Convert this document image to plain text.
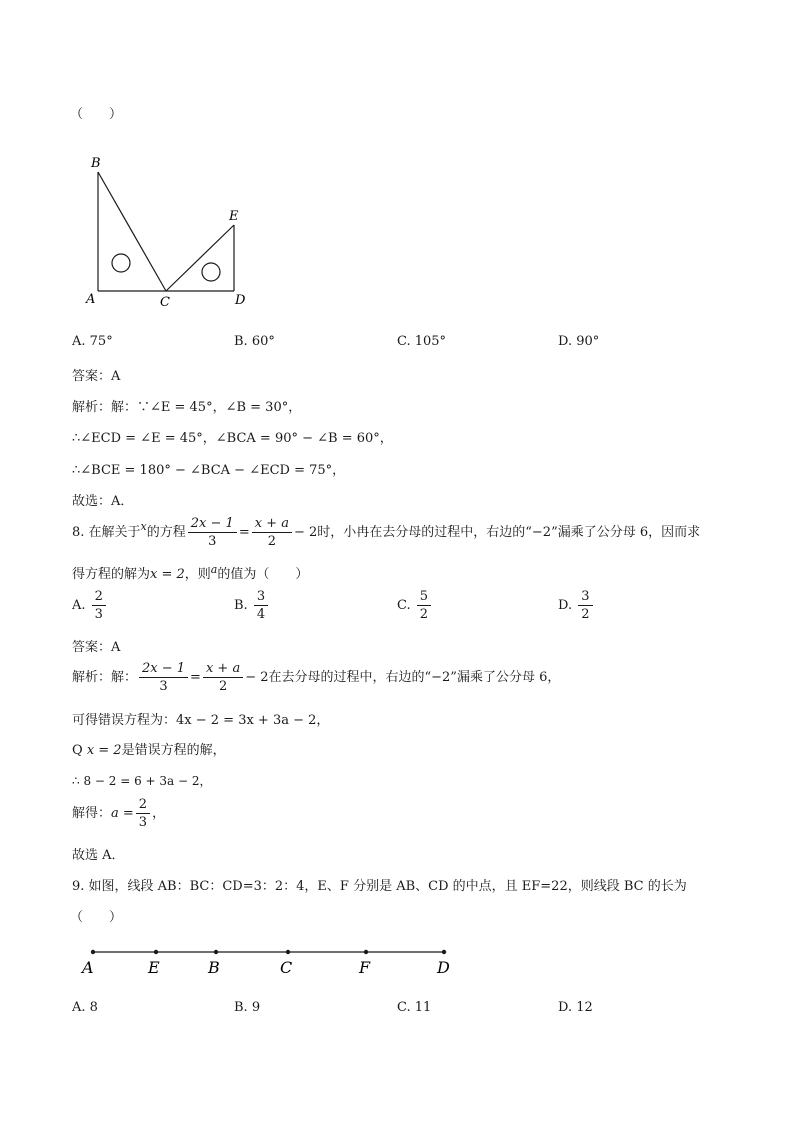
（　　）
B
E
A	C	D
A. 75°	B. 60°	C. 105°	D. 90°
答案：A
解析：解：∵∠E = 45°，∠B = 30°，
∴∠ECD = ∠E = 45°，∠BCA = 90° − ∠B = 60°，
∴∠BCE = 180° − ∠BCA − ∠ECD = 75°，
故选：A．
8. 在解关于$^x$的方程 $\frac{2x - 1}{3} = \frac{x + a}{2} - 2$时，小冉在去分母的过程中，右边的“−2”漏乘了公分母 6，因而求
得方程的解为x = 2，则$^a$的值为（　　）
A. $\frac{2}{3}$	B. $\frac{3}{4}$	C. $\frac{5}{2}$	D. $\frac{3}{2}$
答案：A
解析：解： $\frac{2x - 1}{3} = \frac{x + a}{2} - 2$在去分母的过程中，右边的“−2”漏乘了公分母 6，
可得错误方程为：4x − 2 = 3x + 3a − 2，
Q x = 2是错误方程的解，
∴ 8 − 2 = 6 + 3a − 2，
解得：$a = \frac{2}{3}$ ，
故选 A．
9. 如图，线段 AB：BC：CD=3：2：4，E、F 分别是 AB、CD 的中点，且 EF=22，则线段 BC 的长为
（　　）
A	E	B	C	F	D
A. 8	B. 9	C. 11	D. 12
